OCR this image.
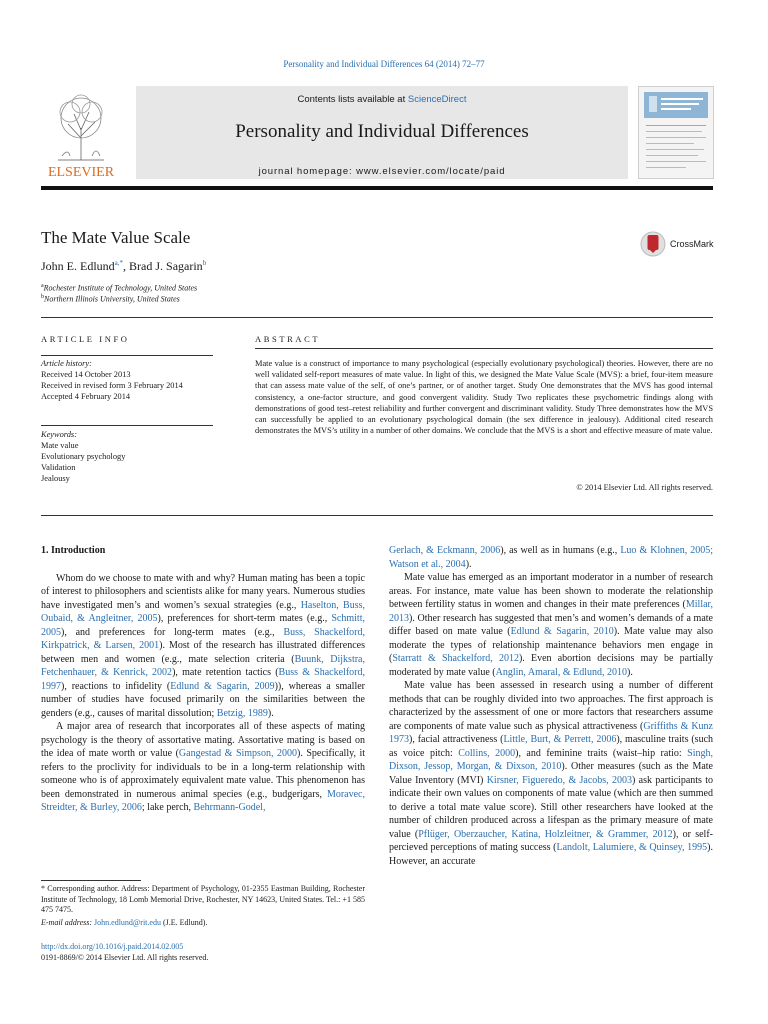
Personality and Individual Differences 64 (2014) 72–77
ELSEVIER
Contents lists available at ScienceDirect
Personality and Individual Differences
journal homepage: www.elsevier.com/locate/paid
The Mate Value Scale	CrossMark
John E. Edlund$^{a,*}$, Brad J. Sagarin$^b$
$^a$Rochester Institute of Technology, United States
$^b$Northern Illinois University, United States
ARTICLE INFO	ABSTRACT
Article history:
Received 14 October 2013
Received in revised form 3 February 2014
Accepted 4 February 2014
Keywords:
Mate value
Evolutionary psychology
Validation
Jealousy
Mate value is a construct of importance to many psychological (especially evolutionary psychological) theories. However, there are no well validated self-report measures of mate value. In light of this, we designed the Mate Value Scale (MVS): a brief, four-item measure that can assess mate value of the self, of one’s partner, or of another target. Study One demonstrates that the MVS has good internal consistency, a one-factor structure, and good convergent validity. Study Two replicates these psychometric findings along with demonstrations of good test–retest reliability and further convergent and discriminant validity. Study Three demonstrates how the MVS can successfully be applied to an evolutionary psychological domain (the sex difference in jealousy). Additional cited research demonstrates the MVS’s utility in a number of other domains. We conclude that the MVS is a short and effective measure of mate value.
© 2014 Elsevier Ltd. All rights reserved.
1. Introduction

Whom do we choose to mate with and why? Human mating has been a topic of interest to philosophers and scientists alike for many years. Numerous studies have investigated men’s and women’s sexual strategies (e.g., Haselton, Buss, Oubaid, & Angleitner, 2005), preferences for short-term mates (e.g., Schmitt, 2005), and preferences for long-term mates (e.g., Buss, Shackelford, Kirkpatrick, & Larsen, 2001). Most of the research has illustrated differences between men and women (e.g., mate selection criteria (Buunk, Dijkstra, Fetchenhauer, & Kenrick, 2002), mate retention tactics (Buss & Shackelford, 1997), reactions to infidelity (Edlund & Sagarin, 2009)), whereas a smaller number of studies have focused primarily on the similarities between the genders (e.g., causes of marital dissolution; Betzig, 1989).

A major area of research that incorporates all of these aspects of mating psychology is the theory of assortative mating. Assortative mating is based on the idea of mate worth or value (Gangestad & Simpson, 2000). Specifically, it refers to the proclivity for individuals to be in a long-term relationship with someone who is of approximately equivalent mate value. This phenomenon has been demonstrated in numerous animal species (e.g., budgerigars, Moravec, Streidter, & Burley, 2006; lake perch, Behrmann-Godel,

Gerlach, & Eckmann, 2006), as well as in humans (e.g., Luo & Klohnen, 2005; Watson et al., 2004).

Mate value has emerged as an important moderator in a number of research areas. For instance, mate value has been shown to moderate the relationship between fertility status in women and changes in their mate preferences (Millar, 2013). Other research has suggested that men’s and women’s demands of a mate differ based on mate value (Edlund & Sagarin, 2010). Mate value may also moderate the types of relationship maintenance behaviors men engage in (Starratt & Shackelford, 2012). Even abortion decisions may be partially moderated by mate value (Anglin, Amaral, & Edlund, 2010).

Mate value has been assessed in research using a number of different methods that can be roughly divided into two approaches. The first approach is characterized by the assessment of one or more factors that researchers assume are components of mate value such as physical attractiveness (Griffiths & Kunz 1973), facial attractiveness (Little, Burt, & Perrett, 2006), masculine traits (such as voice pitch: Collins, 2000), and feminine traits (waist–hip ratio: Singh, Dixson, Jessop, Morgan, & Dixson, 2010). Other measures (such as the Mate Value Inventory (MVI) Kirsner, Figueredo, & Jacobs, 2003) ask participants to indicate their own values on components of mate value (which are then summed to derive a total mate value score). Still other researchers have looked at the number of children produced across a lifespan as the primary measure of mate value (Pflüger, Oberzaucher, Katina, Holzleitner, & Grammer, 2012), or self-percieved perceptions of mating success (Landolt, Lalumiere, & Quinsey, 1995). However, an accurate

* Corresponding author. Address: Department of Psychology, 01-2355 Eastman Building, Rochester Institute of Technology, 18 Lomb Memorial Drive, Rochester, NY 14623, United States. Tel.: +1 585 475 7475.
E-mail address: John.edlund@rit.edu (J.E. Edlund).
http://dx.doi.org/10.1016/j.paid.2014.02.005
0191-8869/© 2014 Elsevier Ltd. All rights reserved.
